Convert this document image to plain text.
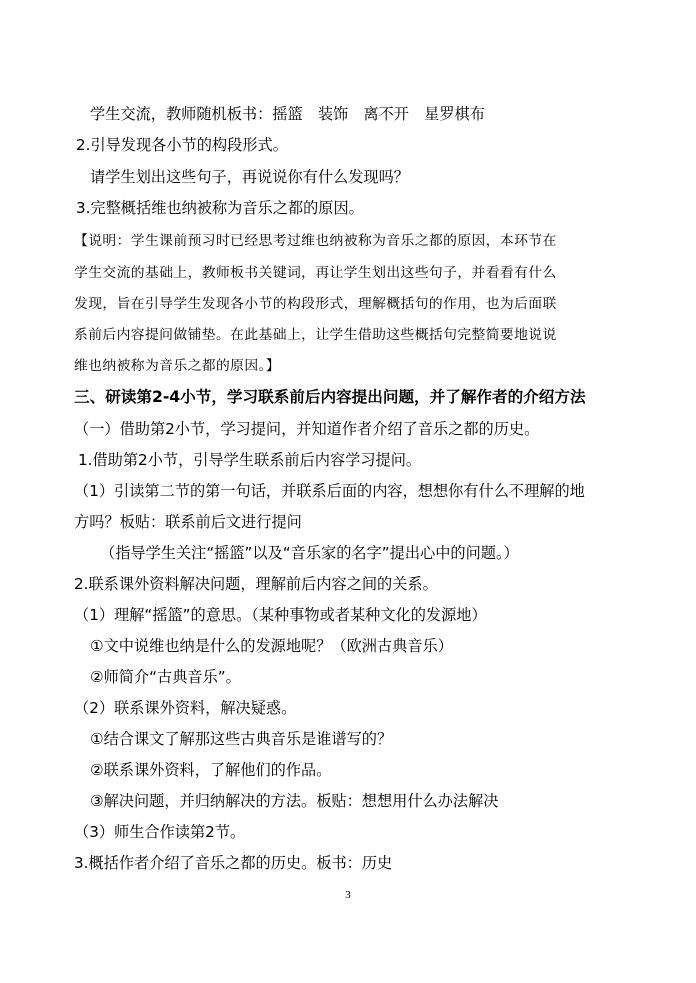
学生交流，教师随机板书：摇篮　装饰　离不开　星罗棋布
2.引导发现各小节的构段形式。
请学生划出这些句子，再说说你有什么发现吗？
3.完整概括维也纳被称为音乐之都的原因。
【说明：学生课前预习时已经思考过维也纳被称为音乐之都的原因，本环节在
学生交流的基础上，教师板书关键词，再让学生划出这些句子，并看看有什么
发现，旨在引导学生发现各小节的构段形式，理解概括句的作用，也为后面联
系前后内容提问做铺垫。在此基础上，让学生借助这些概括句完整简要地说说
维也纳被称为音乐之都的原因。】
三、研读第2-4小节，学习联系前后内容提出问题，并了解作者的介绍方法
（一）借助第2小节，学习提问，并知道作者介绍了音乐之都的历史。
1.借助第2小节，引导学生联系前后内容学习提问。
（1）引读第二节的第一句话，并联系后面的内容，想想你有什么不理解的地
方吗？板贴：联系前后文进行提问
（指导学生关注“摇篮”以及“音乐家的名字”提出心中的问题。）
2.联系课外资料解决问题，理解前后内容之间的关系。
（1）理解“摇篮”的意思。（某种事物或者某种文化的发源地）
①文中说维也纳是什么的发源地呢？（欧洲古典音乐）
②师简介“古典音乐”。
（2）联系课外资料，解决疑惑。
①结合课文了解那这些古典音乐是谁谱写的？
②联系课外资料，了解他们的作品。
③解决问题，并归纳解决的方法。板贴：想想用什么办法解决
（3）师生合作读第2节。
3.概括作者介绍了音乐之都的历史。板书：历史
3
